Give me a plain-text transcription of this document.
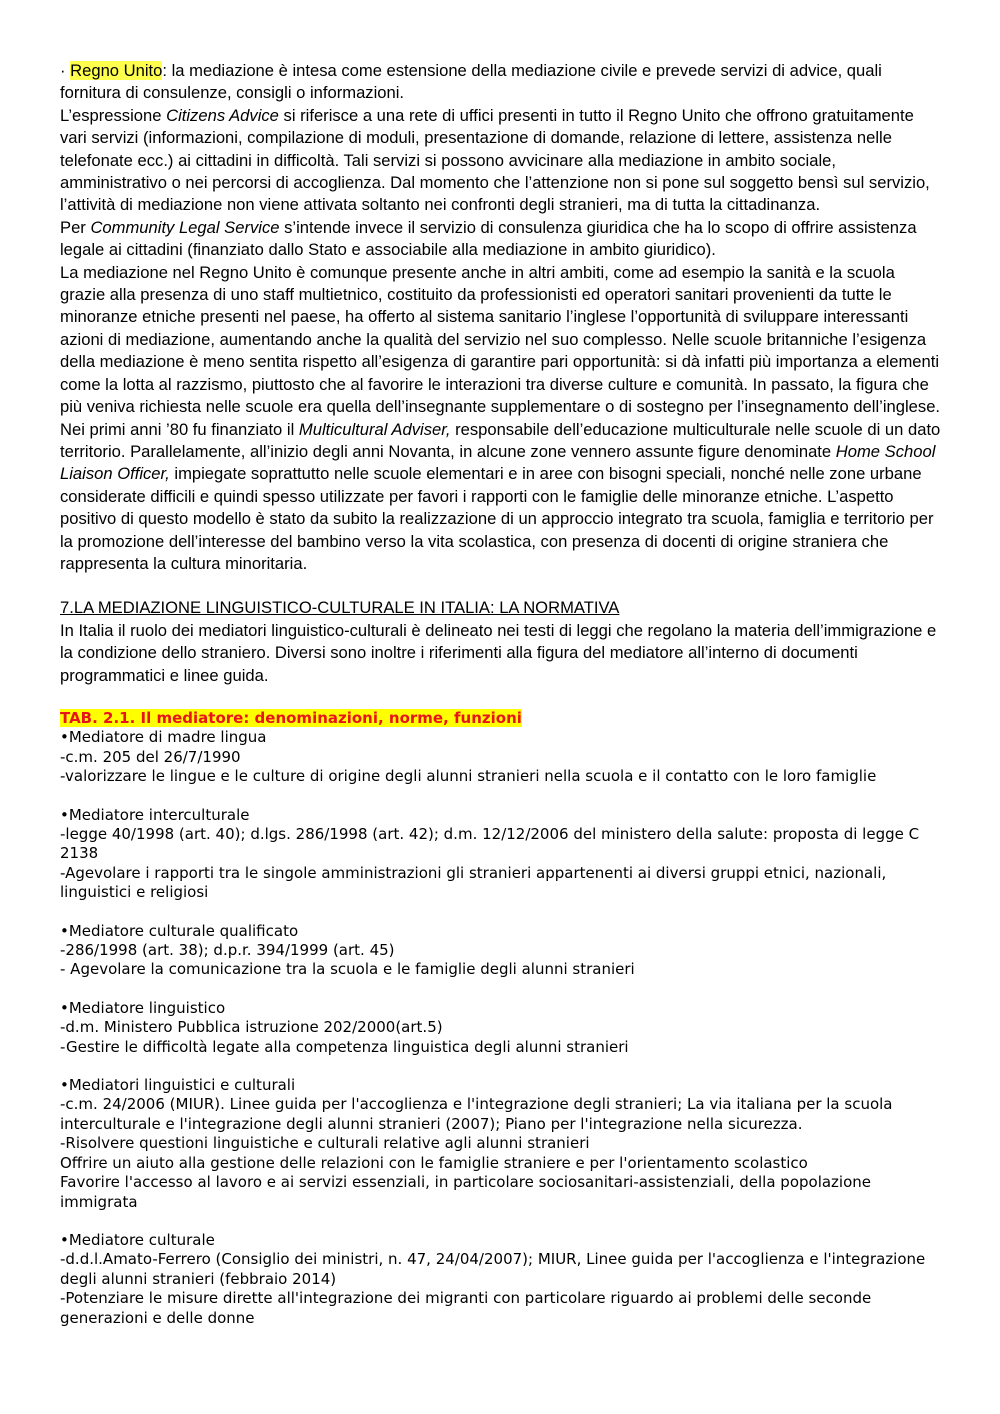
· Regno Unito: la mediazione è intesa come estensione della mediazione civile e prevede servizi di advice, quali fornitura di consulenze, consigli o informazioni.

L’espressione Citizens Advice si riferisce a una rete di uffici presenti in tutto il Regno Unito che offrono gratuitamente vari servizi (informazioni, compilazione di moduli, presentazione di domande, relazione di lettere, assistenza nelle telefonate ecc.) ai cittadini in difficoltà. Tali servizi si possono avvicinare alla mediazione in ambito sociale, amministrativo o nei percorsi di accoglienza. Dal momento che l’attenzione non si pone sul soggetto bensì sul servizio, l’attività di mediazione non viene attivata soltanto nei confronti degli stranieri, ma di tutta la cittadinanza.

Per Community Legal Service s’intende invece il servizio di consulenza giuridica che ha lo scopo di offrire assistenza legale ai cittadini (finanziato dallo Stato e associabile alla mediazione in ambito giuridico).

La mediazione nel Regno Unito è comunque presente anche in altri ambiti, come ad esempio la sanità e la scuola grazie alla presenza di uno staff multietnico, costituito da professionisti ed operatori sanitari provenienti da tutte le minoranze etniche presenti nel paese, ha offerto al sistema sanitario l’inglese l’opportunità di sviluppare interessanti azioni di mediazione, aumentando anche la qualità del servizio nel suo complesso. Nelle scuole britanniche l’esigenza della mediazione è meno sentita rispetto all’esigenza di garantire pari opportunità: si dà infatti più importanza a elementi come la lotta al razzismo, piuttosto che al favorire le interazioni tra diverse culture e comunità. In passato, la figura che più veniva richiesta nelle scuole era quella dell’insegnante supplementare o di sostegno per l’insegnamento dell’inglese. Nei primi anni ’80 fu finanziato il Multicultural Adviser, responsabile dell’educazione multiculturale nelle scuole di un dato territorio. Parallelamente, all’inizio degli anni Novanta, in alcune zone vennero assunte figure denominate Home School Liaison Officer, impiegate soprattutto nelle scuole elementari e in aree con bisogni speciali, nonché nelle zone urbane considerate difficili e quindi spesso utilizzate per favori i rapporti con le famiglie delle minoranze etniche. L’aspetto positivo di questo modello è stato da subito la realizzazione di un approccio integrato tra scuola, famiglia e territorio per la promozione dell’interesse del bambino verso la vita scolastica, con presenza di docenti di origine straniera che rappresenta la cultura minoritaria.

7.LA MEDIAZIONE LINGUISTICO-CULTURALE IN ITALIA: LA NORMATIVA

In Italia il ruolo dei mediatori linguistico-culturali è delineato nei testi di leggi che regolano la materia dell’immigrazione e la condizione dello straniero. Diversi sono inoltre i riferimenti alla figura del mediatore all’interno di documenti programmatici e linee guida.

TAB. 2.1. Il mediatore: denominazioni, norme, funzioni

•Mediatore di madre lingua

-c.m. 205 del 26/7/1990

-valorizzare le lingue e le culture di origine degli alunni stranieri nella scuola e il contatto con le loro famiglie

•Mediatore interculturale

-legge 40/1998 (art. 40); d.lgs. 286/1998 (art. 42); d.m. 12/12/2006 del ministero della salute: proposta di legge C 2138

-Agevolare i rapporti tra le singole amministrazioni gli stranieri appartenenti ai diversi gruppi etnici, nazionali, linguistici e religiosi

•Mediatore culturale qualificato

-286/1998 (art. 38); d.p.r. 394/1999 (art. 45)

- Agevolare la comunicazione tra la scuola e le famiglie degli alunni stranieri

•Mediatore linguistico

-d.m. Ministero Pubblica istruzione 202/2000(art.5)

-Gestire le difficoltà legate alla competenza linguistica degli alunni stranieri

•Mediatori linguistici e culturali

-c.m. 24/2006 (MIUR). Linee guida per l'accoglienza e l'integrazione degli stranieri; La via italiana per la scuola interculturale e l'integrazione degli alunni stranieri (2007); Piano per l'integrazione nella sicurezza.

-Risolvere questioni linguistiche e culturali relative agli alunni stranieri

Offrire un aiuto alla gestione delle relazioni con le famiglie straniere e per l'orientamento scolastico

Favorire l'accesso al lavoro e ai servizi essenziali, in particolare sociosanitari-assistenziali, della popolazione immigrata

•Mediatore culturale

-d.d.l.Amato-Ferrero (Consiglio dei ministri, n. 47, 24/04/2007); MIUR, Linee guida per l'accoglienza e l'integrazione degli alunni stranieri (febbraio 2014)

-Potenziare le misure dirette all'integrazione dei migranti con particolare riguardo ai problemi delle seconde generazioni e delle donne
